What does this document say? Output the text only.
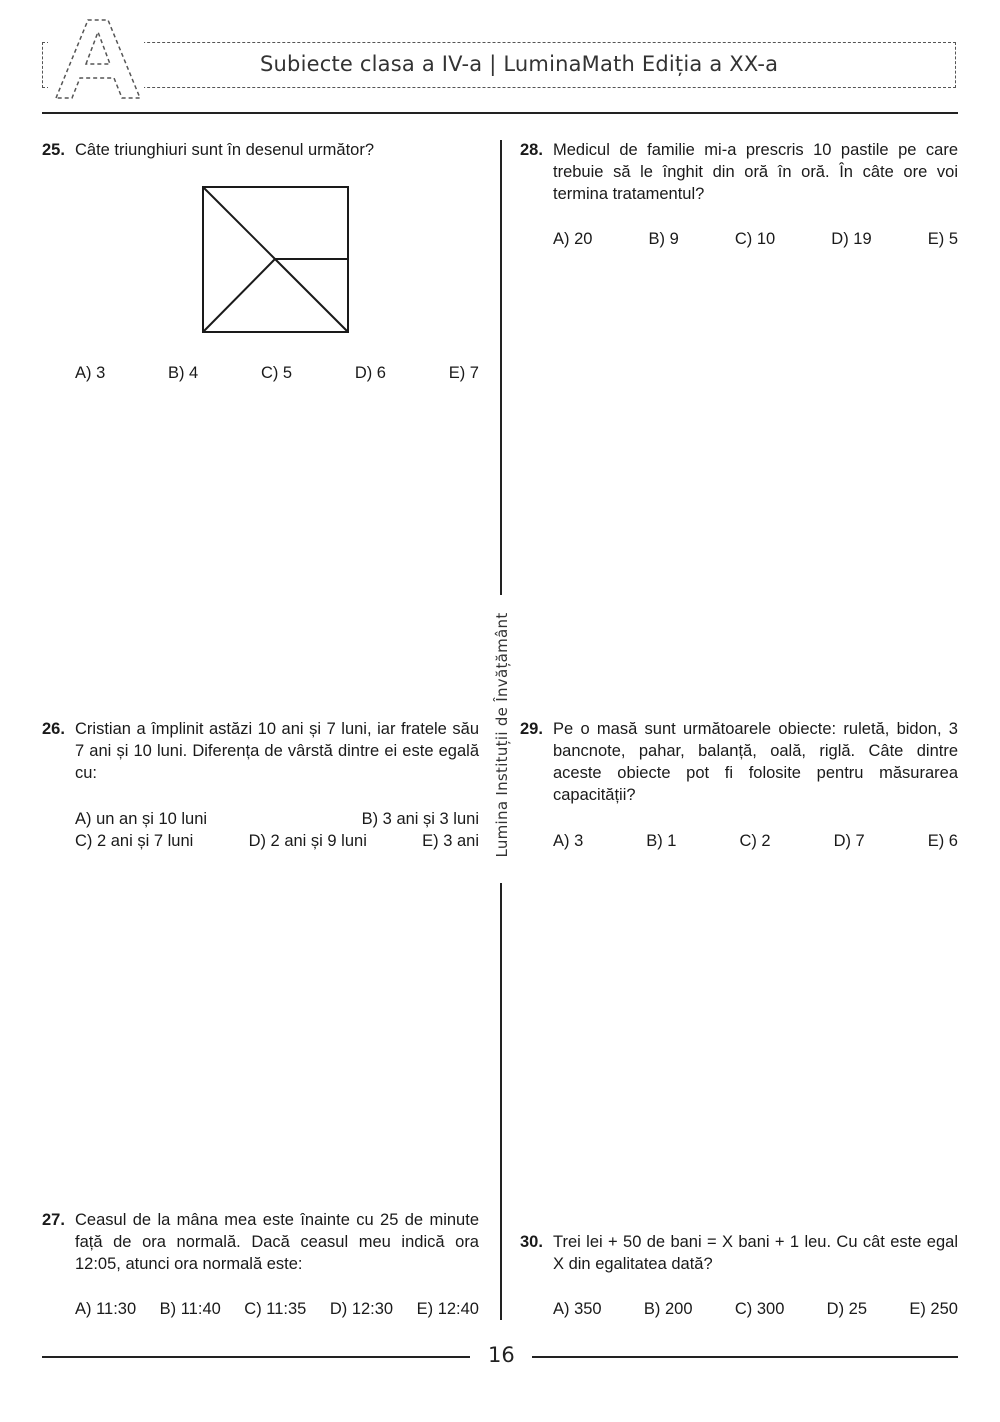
Subiecte clasa a IV-a | LuminaMath Ediția a XX-a
Lumina Instituții de Învățământ
25. Câte triunghiuri sunt în desenul următor?
A) 3	B) 4	C) 5	D) 6	E) 7
26. Cristian a împlinit astăzi 10 ani și 7 luni, iar fratele său 7 ani și 10 luni. Diferența de vârstă dintre ei este egală cu:
A) un an și 10 luni	B) 3 ani și 3 luni
C) 2 ani și 7 luni	D) 2 ani și 9 luni	E) 3 ani
27. Ceasul de la mâna mea este înainte cu 25 de minute față de ora normală. Dacă ceasul meu indică ora 12:05, atunci ora normală este:
A) 11:30 B) 11:40 C) 11:35 D) 12:30 E) 12:40
28. Medicul de familie mi-a prescris 10 pastile pe care trebuie să le înghit din oră în oră. În câte ore voi termina tratamentul?
A) 20	B) 9	C) 10	D) 19	E) 5
29. Pe o masă sunt următoarele obiecte: ruletă, bidon, 3 bancnote, pahar, balanță, oală, riglă. Câte dintre aceste obiecte pot fi folosite pentru măsurarea capacității?
A) 3	B) 1	C) 2	D) 7	E) 6
30. Trei lei + 50 de bani = X bani + 1 leu. Cu cât este egal X din egalitatea dată?
A) 350	B) 200	C) 300	D) 25	E) 250
16
